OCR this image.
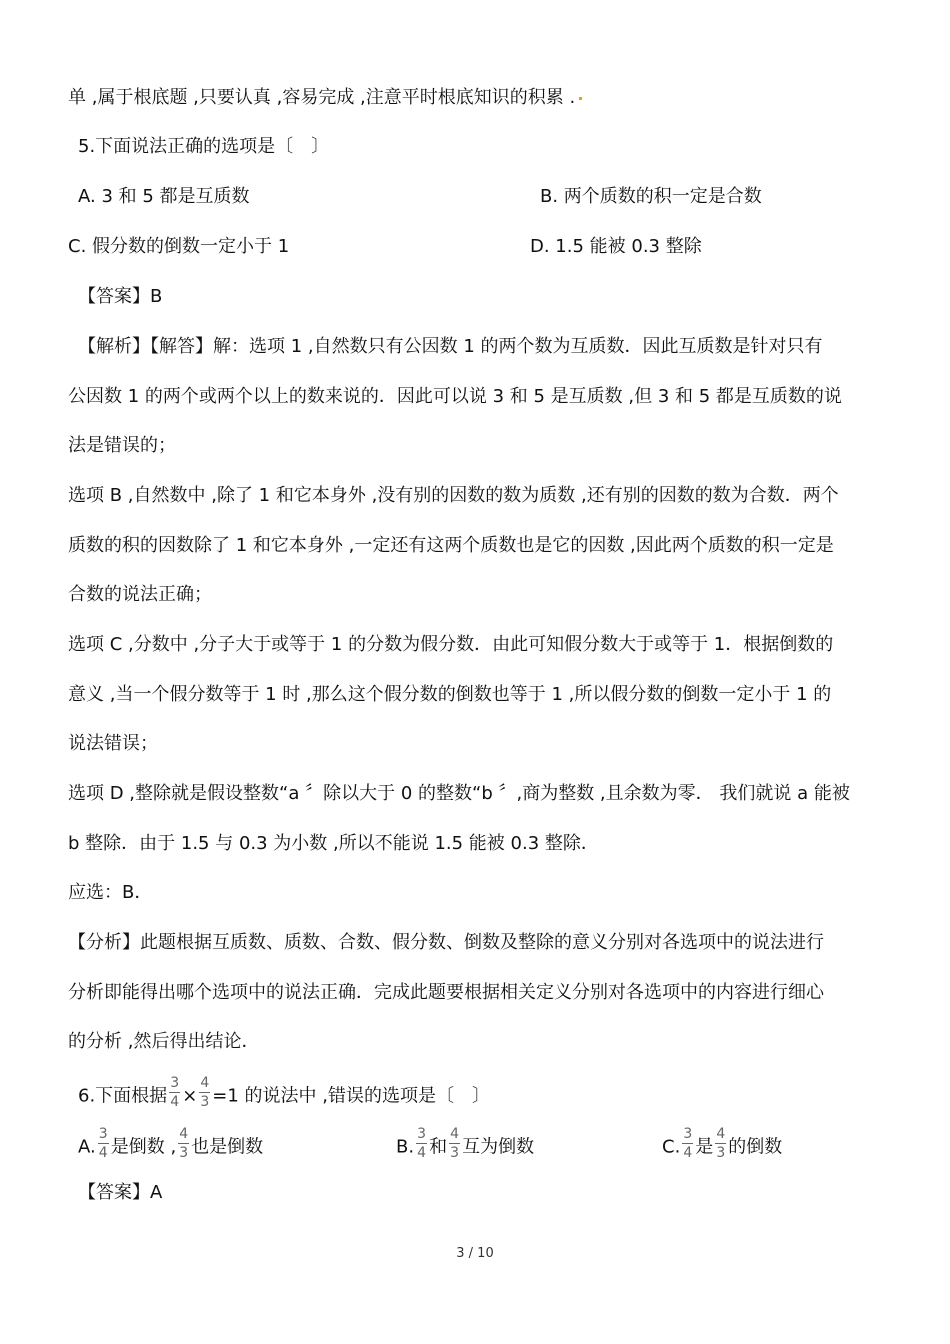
单 ,属于根底题 ,只要认真 ,容易完成 ,注意平时根底知识的积累 .
5.下面说法正确的选项是〔　〕
A. 3 和 5 都是互质数	B. 两个质数的积一定是合数
C. 假分数的倒数一定小于 1	D. 1.5 能被 0.3 整除
【答案】B
【解析】【解答】解：选项 1 ,自然数只有公因数 1 的两个数为互质数．因此互质数是针对只有
公因数 1 的两个或两个以上的数来说的．因此可以说 3 和 5 是互质数 ,但 3 和 5 都是互质数的说
法是错误的；
选项 B ,自然数中 ,除了 1 和它本身外 ,没有别的因数的数为质数 ,还有别的因数的数为合数．两个
质数的积的因数除了 1 和它本身外 ,一定还有这两个质数也是它的因数 ,因此两个质数的积一定是
合数的说法正确；
选项 C ,分数中 ,分子大于或等于 1 的分数为假分数．由此可知假分数大于或等于 1．根据倒数的
意义 ,当一个假分数等于 1 时 ,那么这个假分数的倒数也等于 1 ,所以假分数的倒数一定小于 1 的
说法错误；
选项 D ,整除就是假设整数“a 〞除以大于 0 的整数“b 〞,商为整数 ,且余数为零． 我们就说 a 能被
b 整除．由于 1.5 与 0.3 为小数 ,所以不能说 1.5 能被 0.3 整除．
应选：B．
【分析】此题根据互质数、质数、合数、假分数、倒数及整除的意义分别对各选项中的说法进行
分析即能得出哪个选项中的说法正确．完成此题要根据相关定义分别对各选项中的内容进行细心
的分析 ,然后得出结论．
6.下面根据 $\frac{3}{4} \times \frac{4}{3} =1$ 的说法中 ,错误的选项是〔　〕
A. $\frac{3}{4}$ 是倒数 , $\frac{4}{3}$ 也是倒数	B. $\frac{3}{4}$ 和 $\frac{4}{3}$ 互为倒数	C. $\frac{3}{4}$ 是 $\frac{4}{3}$ 的倒数
【答案】A
3 / 10
